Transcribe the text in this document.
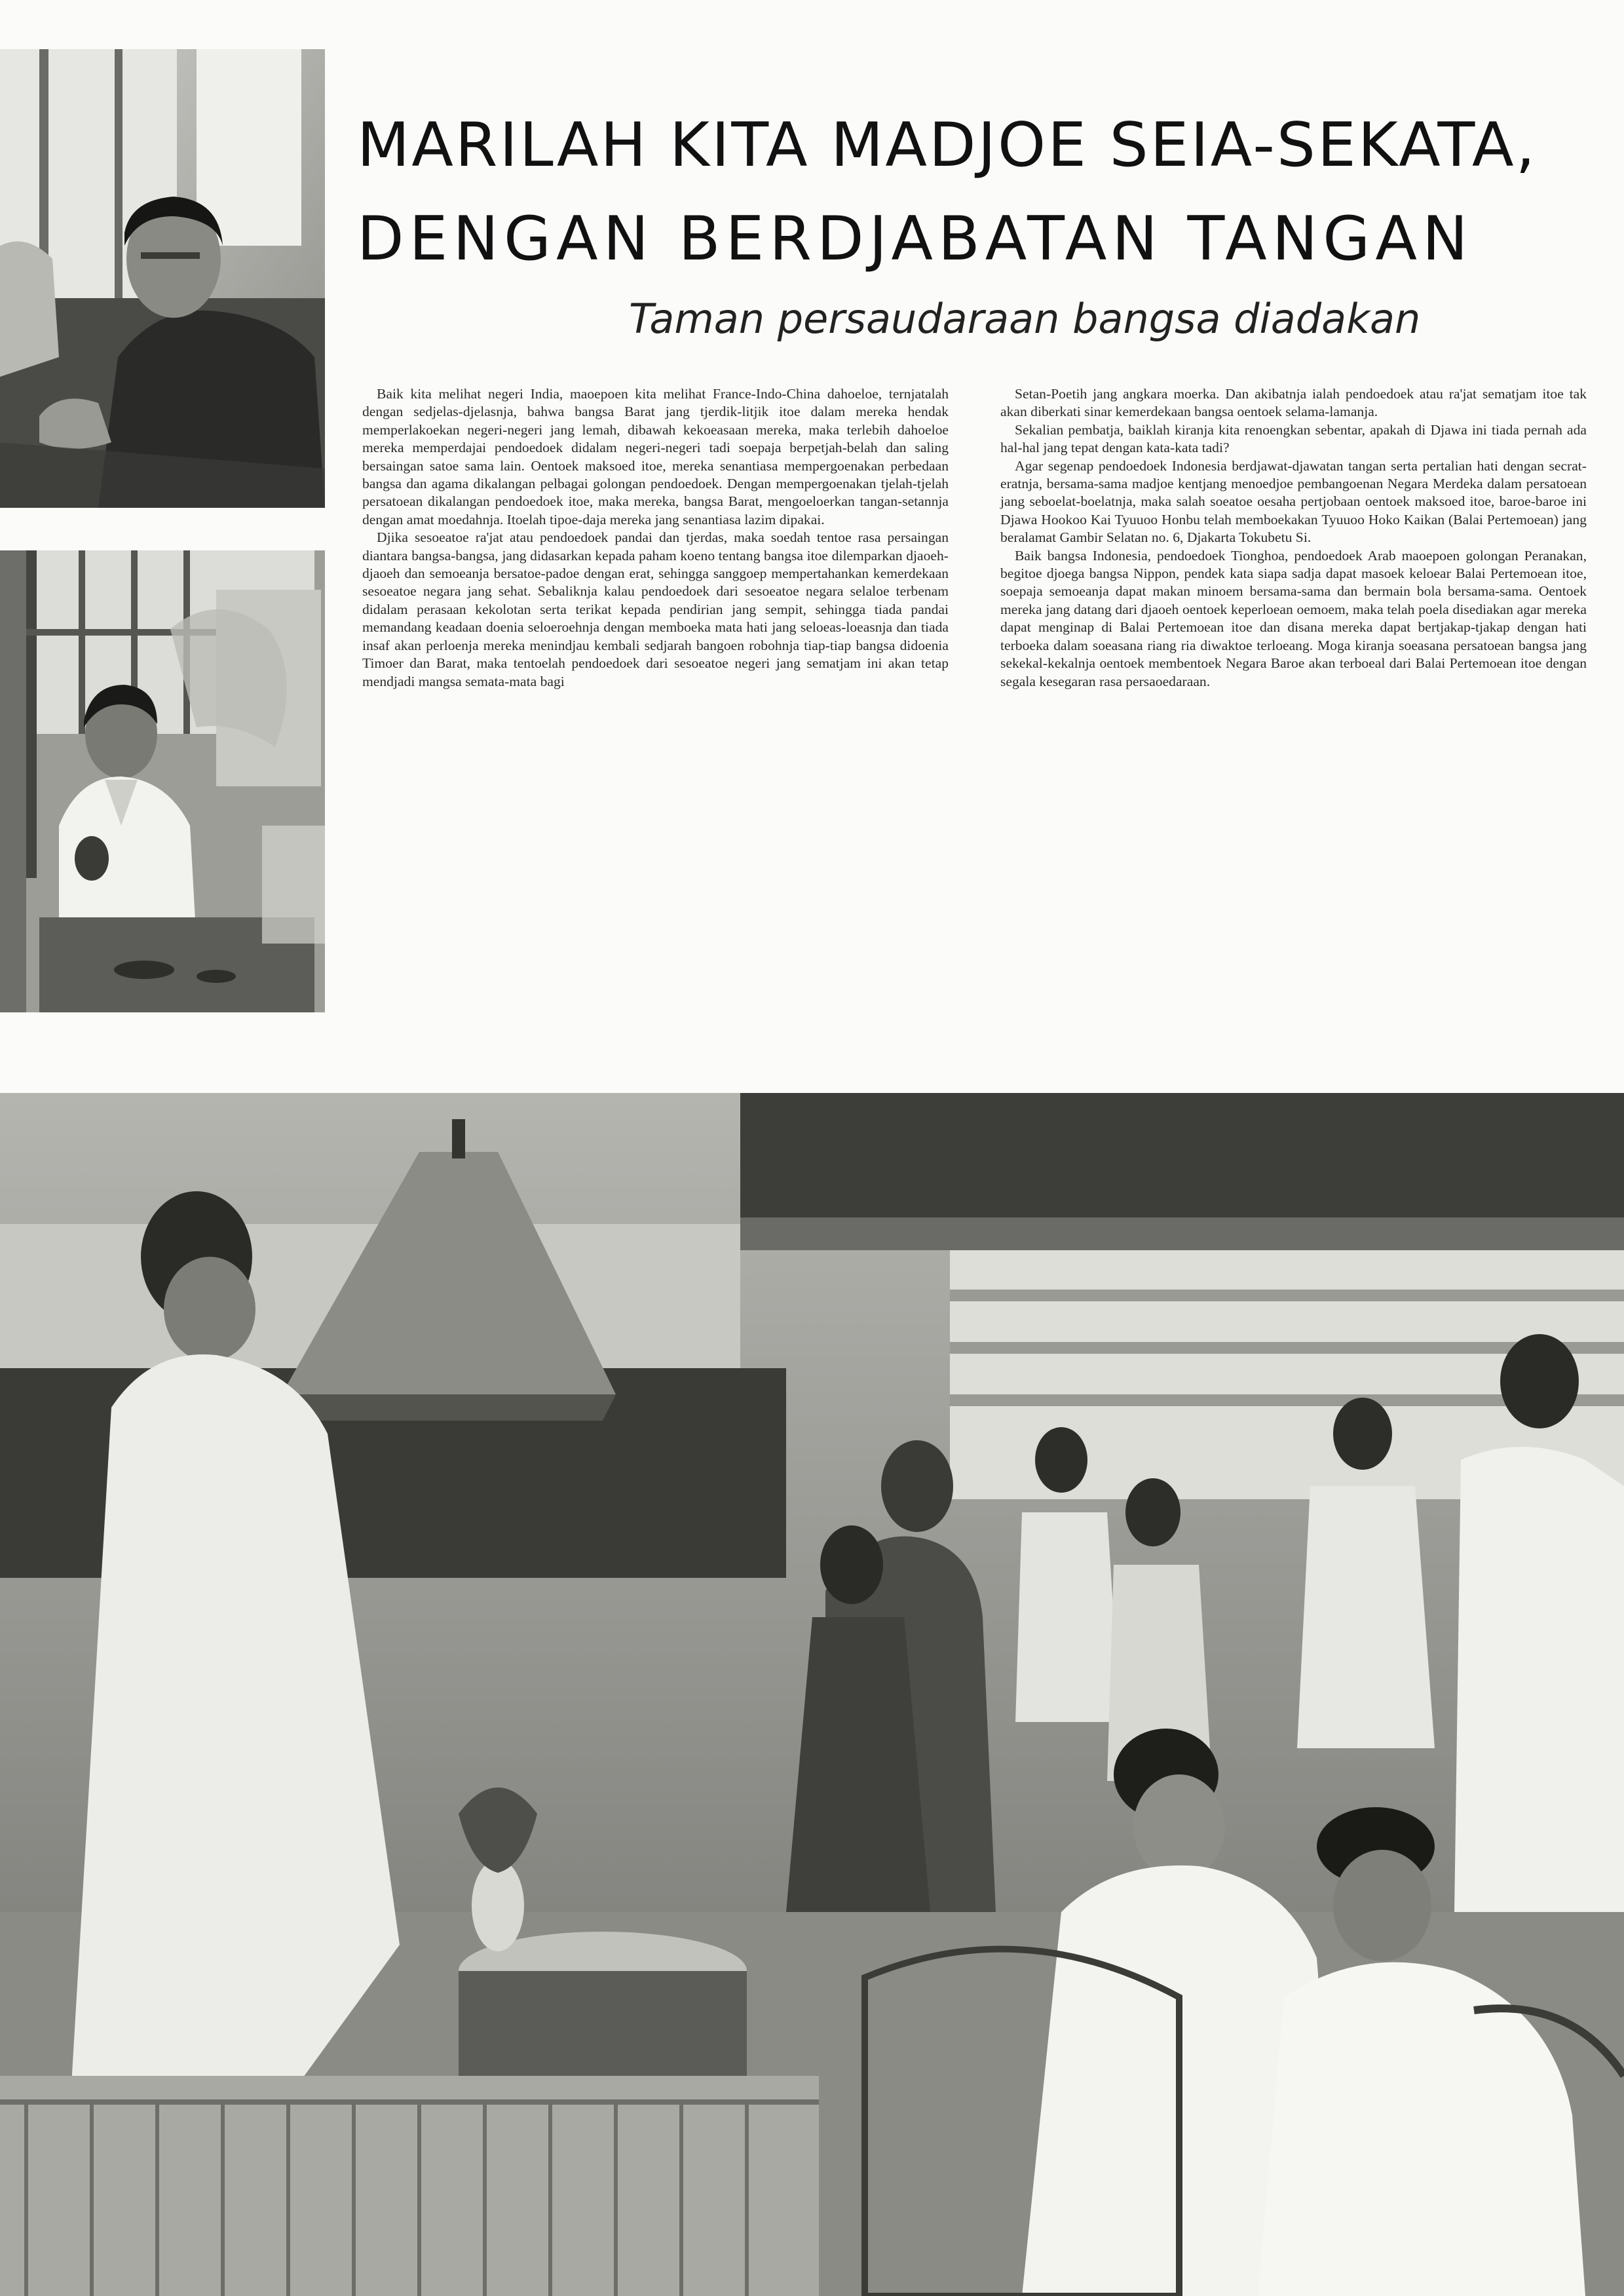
MARILAH KITA MADJOE SEIA-SEKATA,
DENGAN BERDJABATAN TANGAN
Taman persaudaraan bangsa diadakan

Baik kita melihat negeri India, maoepoen kita melihat France-Indo-China dahoeloe, ternjatalah dengan sedjelas-djelasnja, bahwa bangsa Barat jang tjerdik-litjik itoe dalam mereka hendak memperlakoekan negeri-negeri jang lemah, dibawah kekoeasaan mereka, maka terlebih dahoeloe mereka memperdajai pendoedoek didalam negeri-negeri tadi soepaja berpetjah-belah dan saling bersaingan satoe sama lain. Oentoek maksoed itoe, mereka senantiasa mempergoenakan perbedaan bangsa dan agama dikalangan pelbagai golongan pendoedoek. Dengan mempergoenakan tjelah-tjelah persatoean dikalangan pendoedoek itoe, maka mereka, bangsa Barat, mengoeloerkan tangan-setannja dengan amat moedahnja. Itoelah tipoe-daja mereka jang senantiasa lazim dipakai.

Djika sesoeatoe ra'jat atau pendoedoek pandai dan tjerdas, maka soedah tentoe rasa persaingan diantara bangsa-bangsa, jang didasarkan kepada paham koeno tentang bangsa itoe dilemparkan djaoeh-djaoeh dan semoeanja bersatoe-padoe dengan erat, sehingga sanggoep mempertahankan kemerdekaan sesoeatoe negara jang sehat. Sebaliknja kalau pendoedoek dari sesoeatoe negara selaloe terbenam didalam perasaan kekolotan serta terikat kepada pendirian jang sempit, sehingga tiada pandai memandang keadaan doenia seloeroehnja dengan memboeka mata hati jang seloeas-loeasnja dan tiada insaf akan perloenja mereka menindjau kembali sedjarah bangoen robohnja tiap-tiap bangsa didoenia Timoer dan Barat, maka tentoelah pendoedoek dari sesoeatoe negeri jang sematjam ini akan tetap mendjadi mangsa semata-mata bagi

Setan-Poetih jang angkara moerka. Dan akibatnja ialah pendoedoek atau ra'jat sematjam itoe tak akan diberkati sinar kemerdekaan bangsa oentoek selama-lamanja.

Sekalian pembatja, baiklah kiranja kita renoengkan sebentar, apakah di Djawa ini tiada pernah ada hal-hal jang tepat dengan kata-kata tadi?

Agar segenap pendoedoek Indonesia berdjawat-djawatan tangan serta pertalian hati dengan secrat-eratnja, bersama-sama madjoe kentjang menoedjoe pembangoenan Negara Merdeka dalam persatoean jang seboelat-boelatnja, maka salah soeatoe oesaha pertjobaan oentoek maksoed itoe, baroe-baroe ini Djawa Hookoo Kai Tyuuoo Honbu telah memboekakan Tyuuoo Hoko Kaikan (Balai Pertemoean) jang beralamat Gambir Selatan no. 6, Djakarta Tokubetu Si.

Baik bangsa Indonesia, pendoedoek Tionghoa, pendoedoek Arab maoepoen golongan Peranakan, begitoe djoega bangsa Nippon, pendek kata siapa sadja dapat masoek keloear Balai Pertemoean itoe, soepaja semoeanja dapat makan minoem bersama-sama dan bermain bola bersama-sama. Oentoek mereka jang datang dari djaoeh oentoek keperloean oemoem, maka telah poela disediakan agar mereka dapat menginap di Balai Pertemoean itoe dan disana mereka dapat bertjakap-tjakap dengan hati terboeka dalam soeasana riang ria diwaktoe terloeang. Moga kiranja soeasana persatoean bangsa jang sekekal-kekalnja oentoek membentoek Negara Baroe akan terboeal dari Balai Pertemoean itoe dengan segala kesegaran rasa persaoedaraan.
